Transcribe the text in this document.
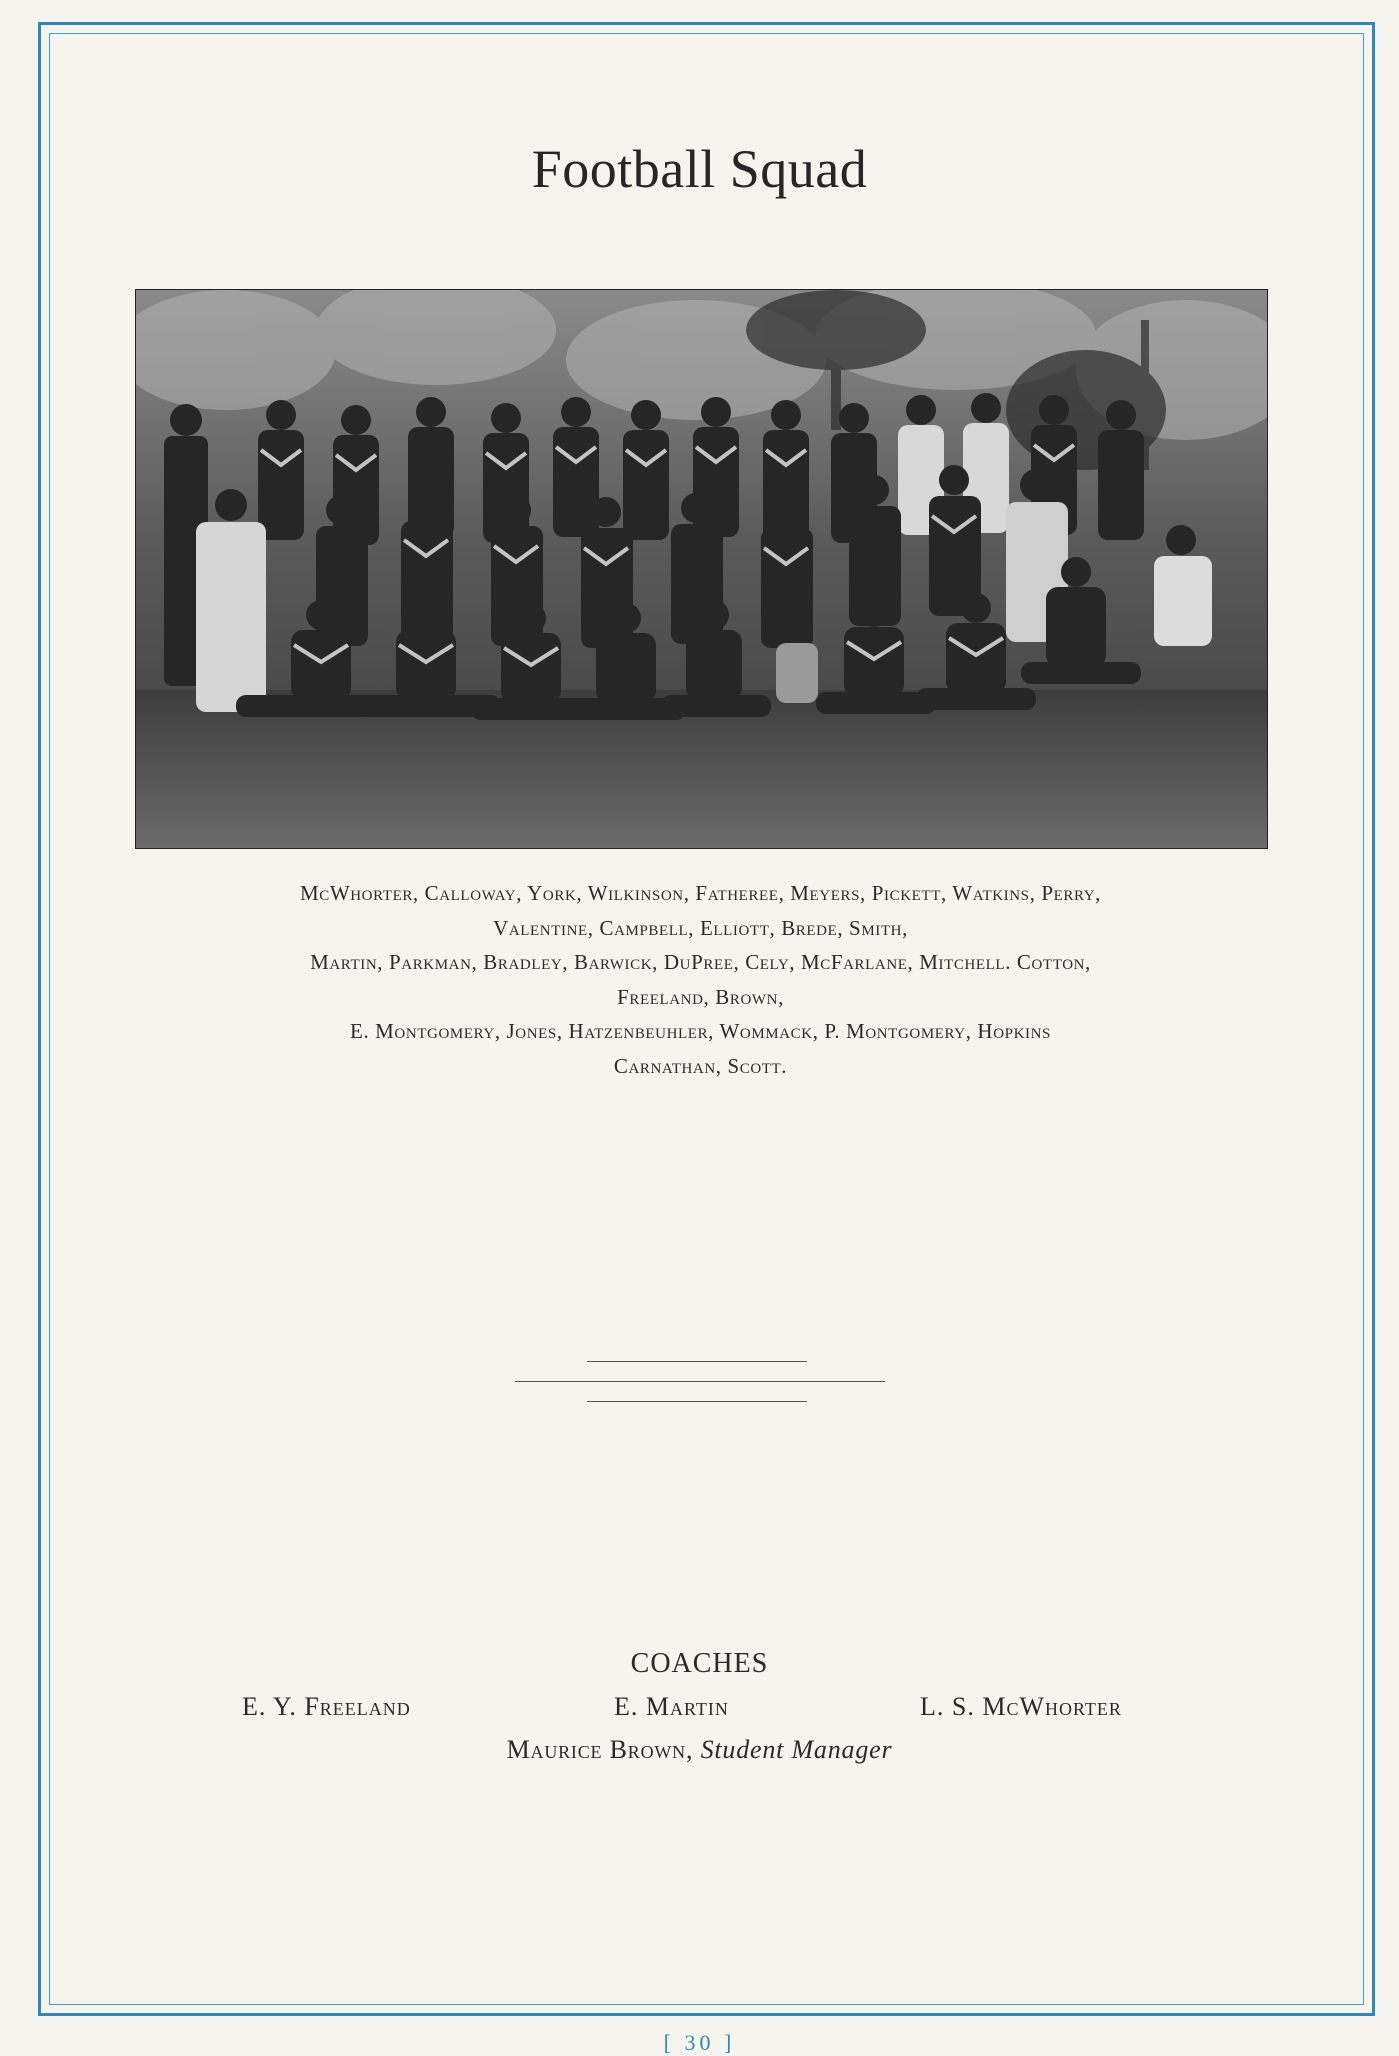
Football Squad
McWhorter, Calloway, York, Wilkinson, Fatheree, Meyers, Pickett, Watkins, Perry,
Valentine, Campbell, Elliott, Brede, Smith,
Martin, Parkman, Bradley, Barwick, DuPree, Cely, McFarlane, Mitchell. Cotton,
Freeland, Brown,
E. Montgomery, Jones, Hatzenbeuhler, Wommack, P. Montgomery, Hopkins
Carnathan, Scott.
COACHES
E. Y. Freeland	E. Martin	L. S. McWhorter
Maurice Brown, Student Manager
[ 30 ]
